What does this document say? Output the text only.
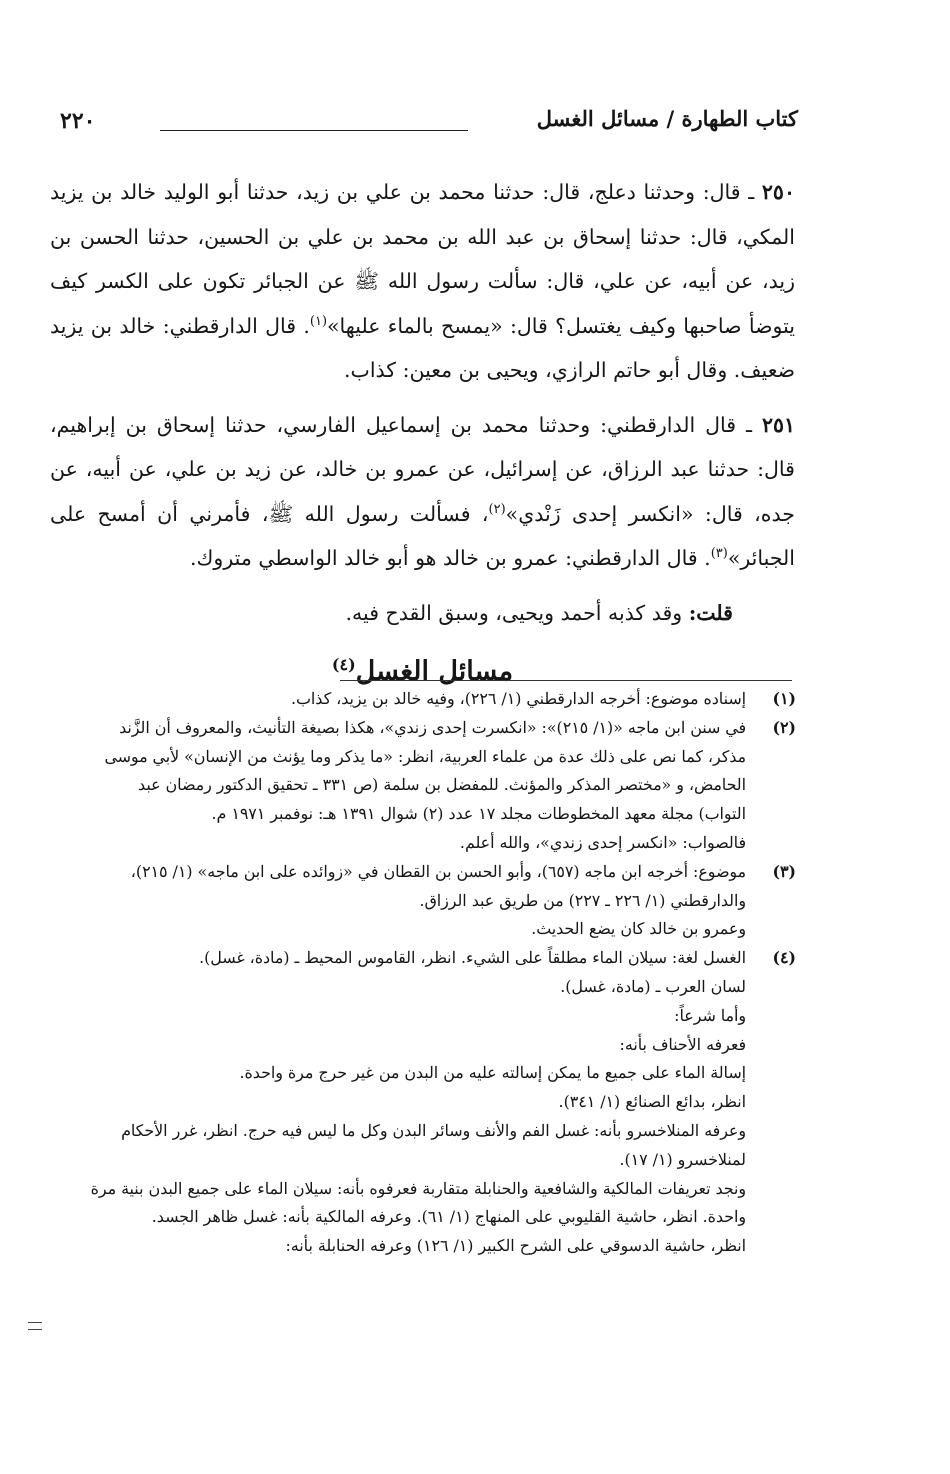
كتاب الطهارة / مسائل الغسل
٢٢٠

٢٥٠ ـ قال: وحدثنا دعلج، قال: حدثنا محمد بن علي بن زيد، حدثنا أبو الوليد خالد بن يزيد المكي، قال: حدثنا إسحاق بن عبد الله بن محمد بن علي بن الحسين، حدثنا الحسن بن زيد، عن أبيه، عن علي، قال: سألت رسول الله ﷺ عن الجبائر تكون على الكسر كيف يتوضأ صاحبها وكيف يغتسل؟ قال: «يمسح بالماء عليها»$^{(١)}$. قال الدارقطني: خالد بن يزيد ضعيف. وقال أبو حاتم الرازي، ويحيى بن معين: كذاب.

٢٥١ ـ قال الدارقطني: وحدثنا محمد بن إسماعيل الفارسي، حدثنا إسحاق بن إبراهيم، قال: حدثنا عبد الرزاق، عن إسرائيل، عن عمرو بن خالد، عن زيد بن علي، عن أبيه، عن جده، قال: «انكسر إحدى زَنْدي»$^{(٢)}$، فسألت رسول الله ﷺ، فأمرني أن أمسح على الجبائر»$^{(٣)}$. قال الدارقطني: عمرو بن خالد هو أبو خالد الواسطي متروك.

قلت: وقد كذبه أحمد ويحيى، وسبق القدح فيه.

مسائل الغسل$^{(٤)}$
(١)
إسناده موضوع: أخرجه الدارقطني (١/ ٢٢٦)، وفيه خالد بن يزيد، كذاب.
(٢)
في سنن ابن ماجه «(١/ ٢١٥)»: «انكسرت إحدى زندي»، هكذا بصيغة التأنيث، والمعروف أن الزَّند
مذكر، كما نص على ذلك عدة من علماء العربية، انظر: «ما يذكر وما يؤنث من الإنسان» لأبي موسى
الحامض، و «مختصر المذكر والمؤنث. للمفضل بن سلمة (ص ٣٣١ ـ تحقيق الدكتور رمضان عبد
التواب) مجلة معهد المخطوطات مجلد ١٧ عدد (٢) شوال ١٣٩١ هـ: نوفمبر ١٩٧١ م.
فالصواب: «انكسر إحدى زندي»، والله أعلم.
(٣)
موضوع: أخرجه ابن ماجه (٦٥٧)، وأبو الحسن بن القطان في «زوائده على ابن ماجه» (١/ ٢١٥)،
والدارقطني (١/ ٢٢٦ ـ ٢٢٧) من طريق عبد الرزاق.
وعمرو بن خالد كان يضع الحديث.
(٤)
الغسل لغة: سيلان الماء مطلقاً على الشيء. انظر، القاموس المحيط ـ (مادة، غسل).
لسان العرب ـ (مادة، غسل).
وأما شرعاً:
فعرفه الأحناف بأنه:
إسالة الماء على جميع ما يمكن إسالته عليه من البدن من غير حرج مرة واحدة.
انظر، بدائع الصنائع (١/ ٣٤١).
وعرفه المنلاخسرو بأنه: غسل الفم والأنف وسائر البدن وكل ما ليس فيه حرج. انظر، غرر الأحكام
لمنلاخسرو (١/ ١٧).
ونجد تعريفات المالكية والشافعية والحنابلة متقاربة فعرفوه بأنه: سيلان الماء على جميع البدن بنية مرة
واحدة. انظر، حاشية القليوبي على المنهاج (١/ ٦١). وعرفه المالكية بأنه: غسل ظاهر الجسد.
انظر، حاشية الدسوقي على الشرح الكبير (١/ ١٢٦) وعرفه الحنابلة بأنه:
